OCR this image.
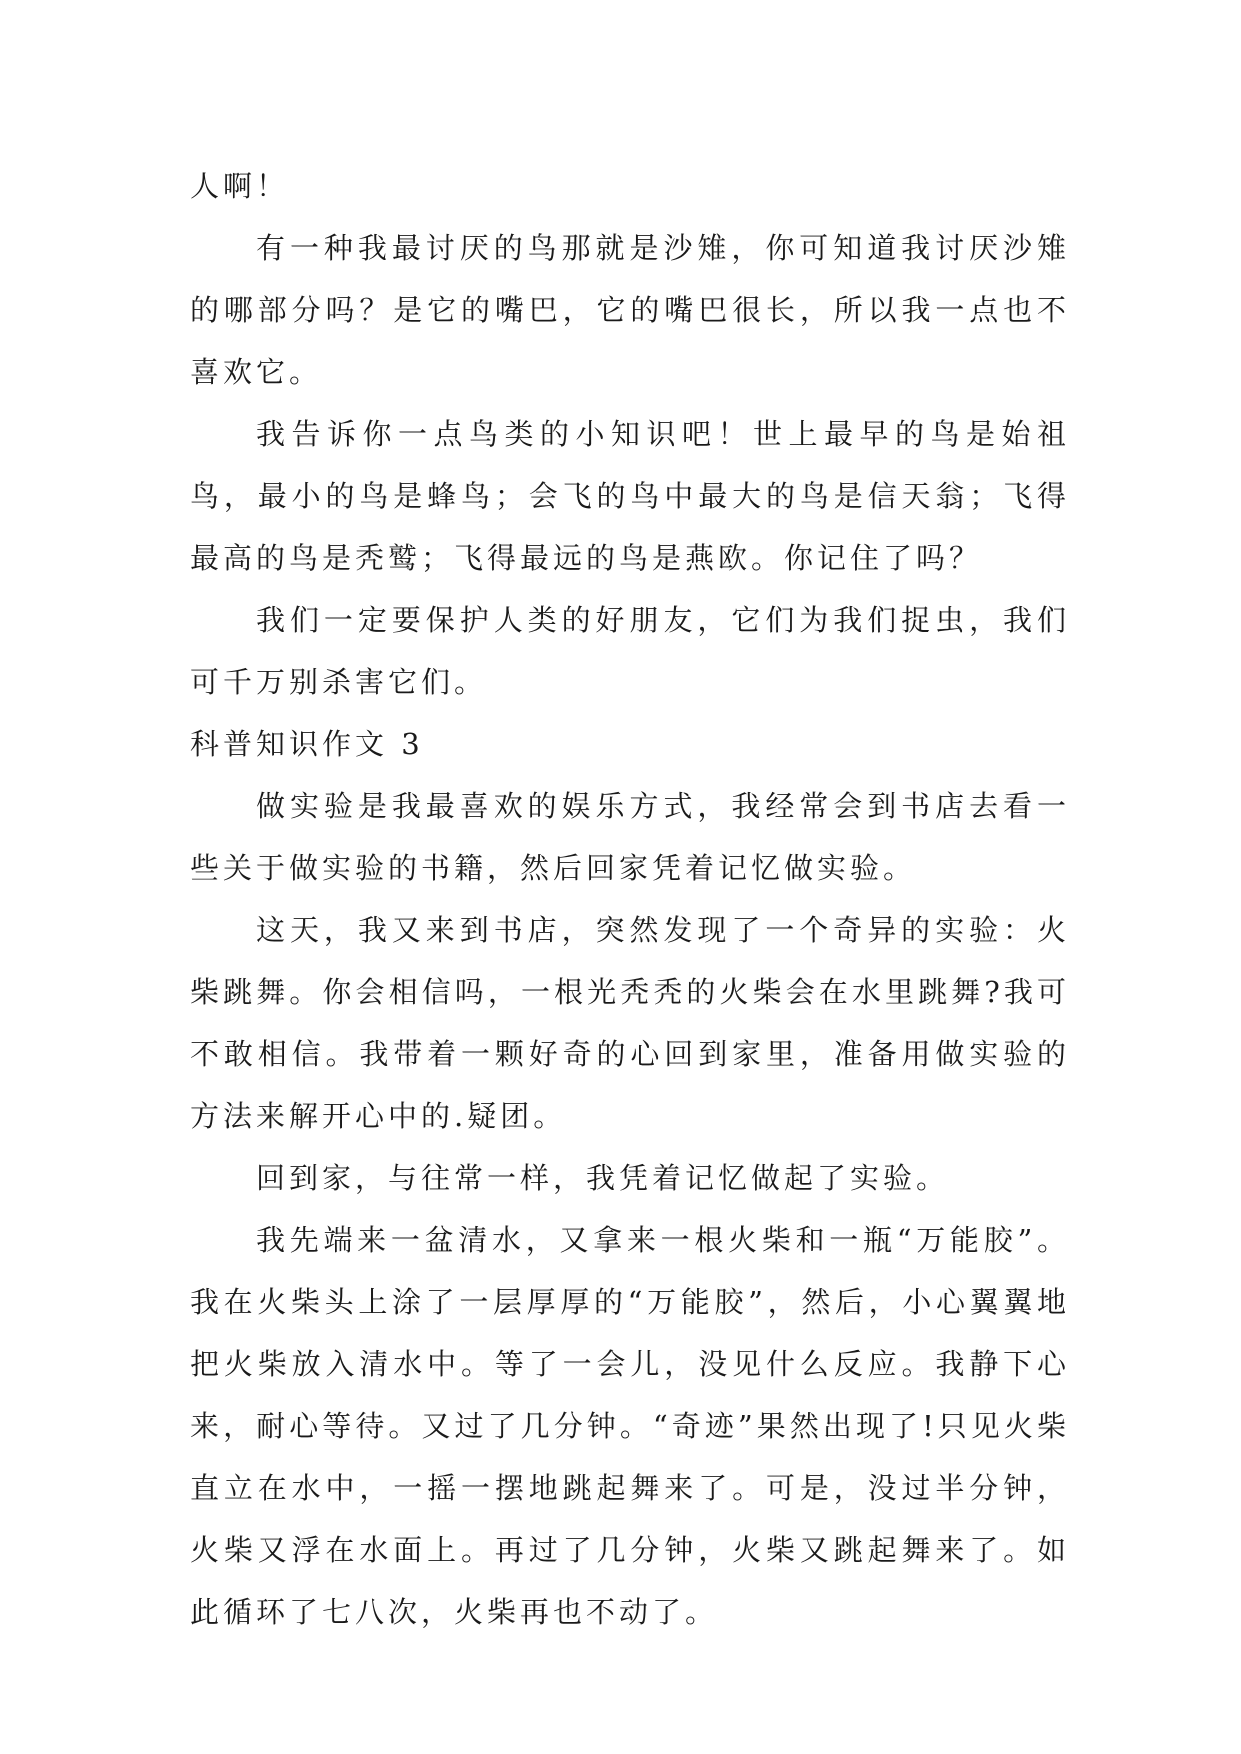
人啊！

有一种我最讨厌的鸟那就是沙雉，你可知道我讨厌沙雉的哪部分吗？是它的嘴巴，它的嘴巴很长，所以我一点也不喜欢它。

我告诉你一点鸟类的小知识吧！世上最早的鸟是始祖鸟，最小的鸟是蜂鸟；会飞的鸟中最大的鸟是信天翁；飞得最高的鸟是秃鹫；飞得最远的鸟是燕欧。你记住了吗？

我们一定要保护人类的好朋友，它们为我们捉虫，我们可千万别杀害它们。

科普知识作文 3

做实验是我最喜欢的娱乐方式，我经常会到书店去看一些关于做实验的书籍，然后回家凭着记忆做实验。

这天，我又来到书店，突然发现了一个奇异的实验：火柴跳舞。你会相信吗，一根光秃秃的火柴会在水里跳舞?我可不敢相信。我带着一颗好奇的心回到家里，准备用做实验的方法来解开心中的.疑团。

回到家，与往常一样，我凭着记忆做起了实验。

我先端来一盆清水，又拿来一根火柴和一瓶“万能胶”。我在火柴头上涂了一层厚厚的“万能胶”，然后，小心翼翼地把火柴放入清水中。等了一会儿，没见什么反应。我静下心来，耐心等待。又过了几分钟。“奇迹”果然出现了!只见火柴直立在水中，一摇一摆地跳起舞来了。可是，没过半分钟，火柴又浮在水面上。再过了几分钟，火柴又跳起舞来了。如此循环了七八次，火柴再也不动了。
